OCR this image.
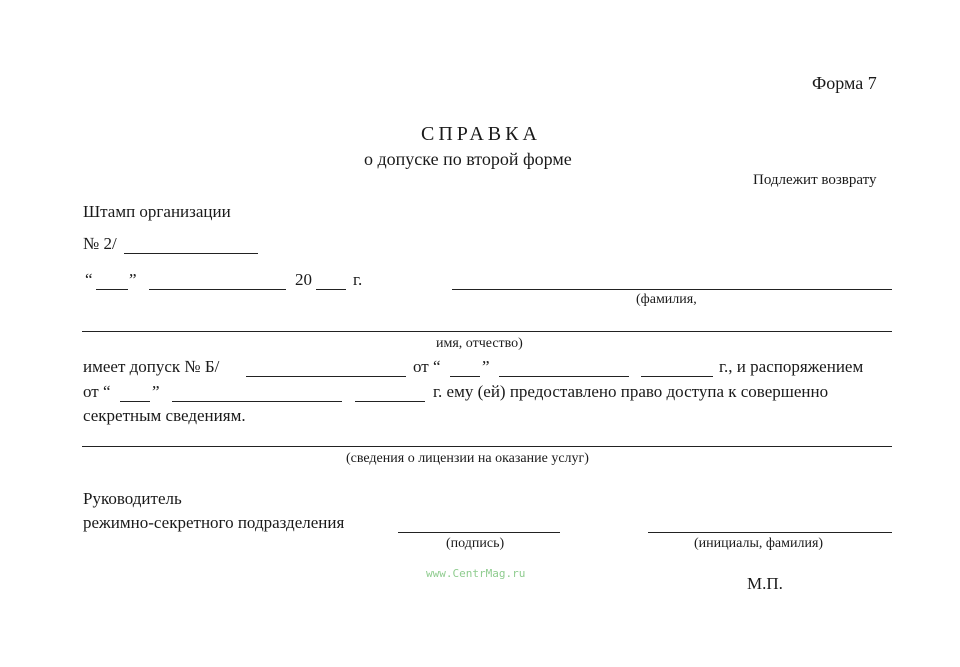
Форма 7
СПРАВКА
о допуске по второй форме
Подлежит возврату
Штамп организации
№ 2/
“ ”	20 г.
(фамилия,
имя, отчество)
имеет допуск № Б/	от “ ”	г., и распоряжением
от “ ”	г. ему (ей) предоставлено право доступа к совершенно
секретным сведениям.
(сведения о лицензии на оказание услуг)
Руководитель
режимно-секретного подразделения
(подпись)	(инициалы, фамилия)
www.CentrMag.ru
М.П.
